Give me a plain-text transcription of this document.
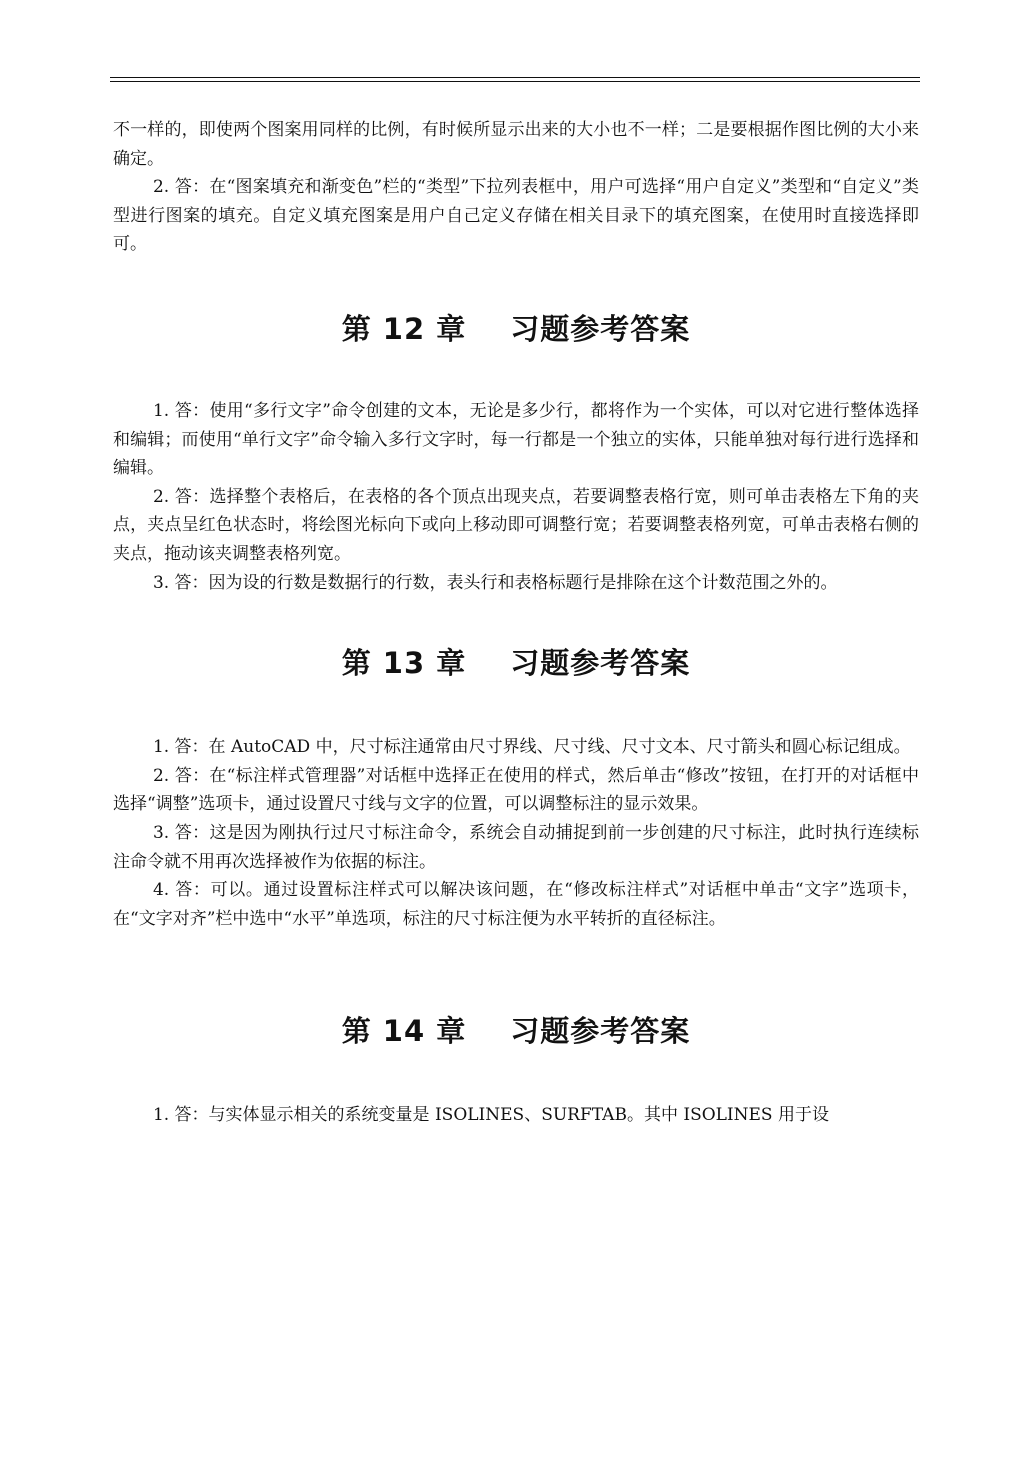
不一样的，即使两个图案用同样的比例，有时候所显示出来的大小也不一样；二是要根据作图比例的大小来确定。

2. 答：在“图案填充和渐变色”栏的“类型”下拉列表框中，用户可选择“用户自定义”类型和“自定义”类型进行图案的填充。自定义填充图案是用户自己定义存储在相关目录下的填充图案，在使用时直接选择即可。

第 12 章 习题参考答案

1. 答：使用“多行文字”命令创建的文本，无论是多少行，都将作为一个实体，可以对它进行整体选择和编辑；而使用“单行文字”命令输入多行文字时，每一行都是一个独立的实体，只能单独对每行进行选择和编辑。

2. 答：选择整个表格后，在表格的各个顶点出现夹点，若要调整表格行宽，则可单击表格左下角的夹点，夹点呈红色状态时，将绘图光标向下或向上移动即可调整行宽；若要调整表格列宽，可单击表格右侧的夹点，拖动该夹调整表格列宽。

3. 答：因为设的行数是数据行的行数，表头行和表格标题行是排除在这个计数范围之外的。

第 13 章 习题参考答案

1. 答：在 AutoCAD 中，尺寸标注通常由尺寸界线、尺寸线、尺寸文本、尺寸箭头和圆心标记组成。

2. 答：在“标注样式管理器”对话框中选择正在使用的样式，然后单击“修改”按钮，在打开的对话框中选择“调整”选项卡，通过设置尺寸线与文字的位置，可以调整标注的显示效果。

3. 答：这是因为刚执行过尺寸标注命令，系统会自动捕捉到前一步创建的尺寸标注，此时执行连续标注命令就不用再次选择被作为依据的标注。

4. 答：可以。通过设置标注样式可以解决该问题，在“修改标注样式”对话框中单击“文字”选项卡，在“文字对齐”栏中选中“水平”单选项，标注的尺寸标注便为水平转折的直径标注。

第 14 章 习题参考答案

1. 答：与实体显示相关的系统变量是 ISOLINES、SURFTAB。其中 ISOLINES 用于设
